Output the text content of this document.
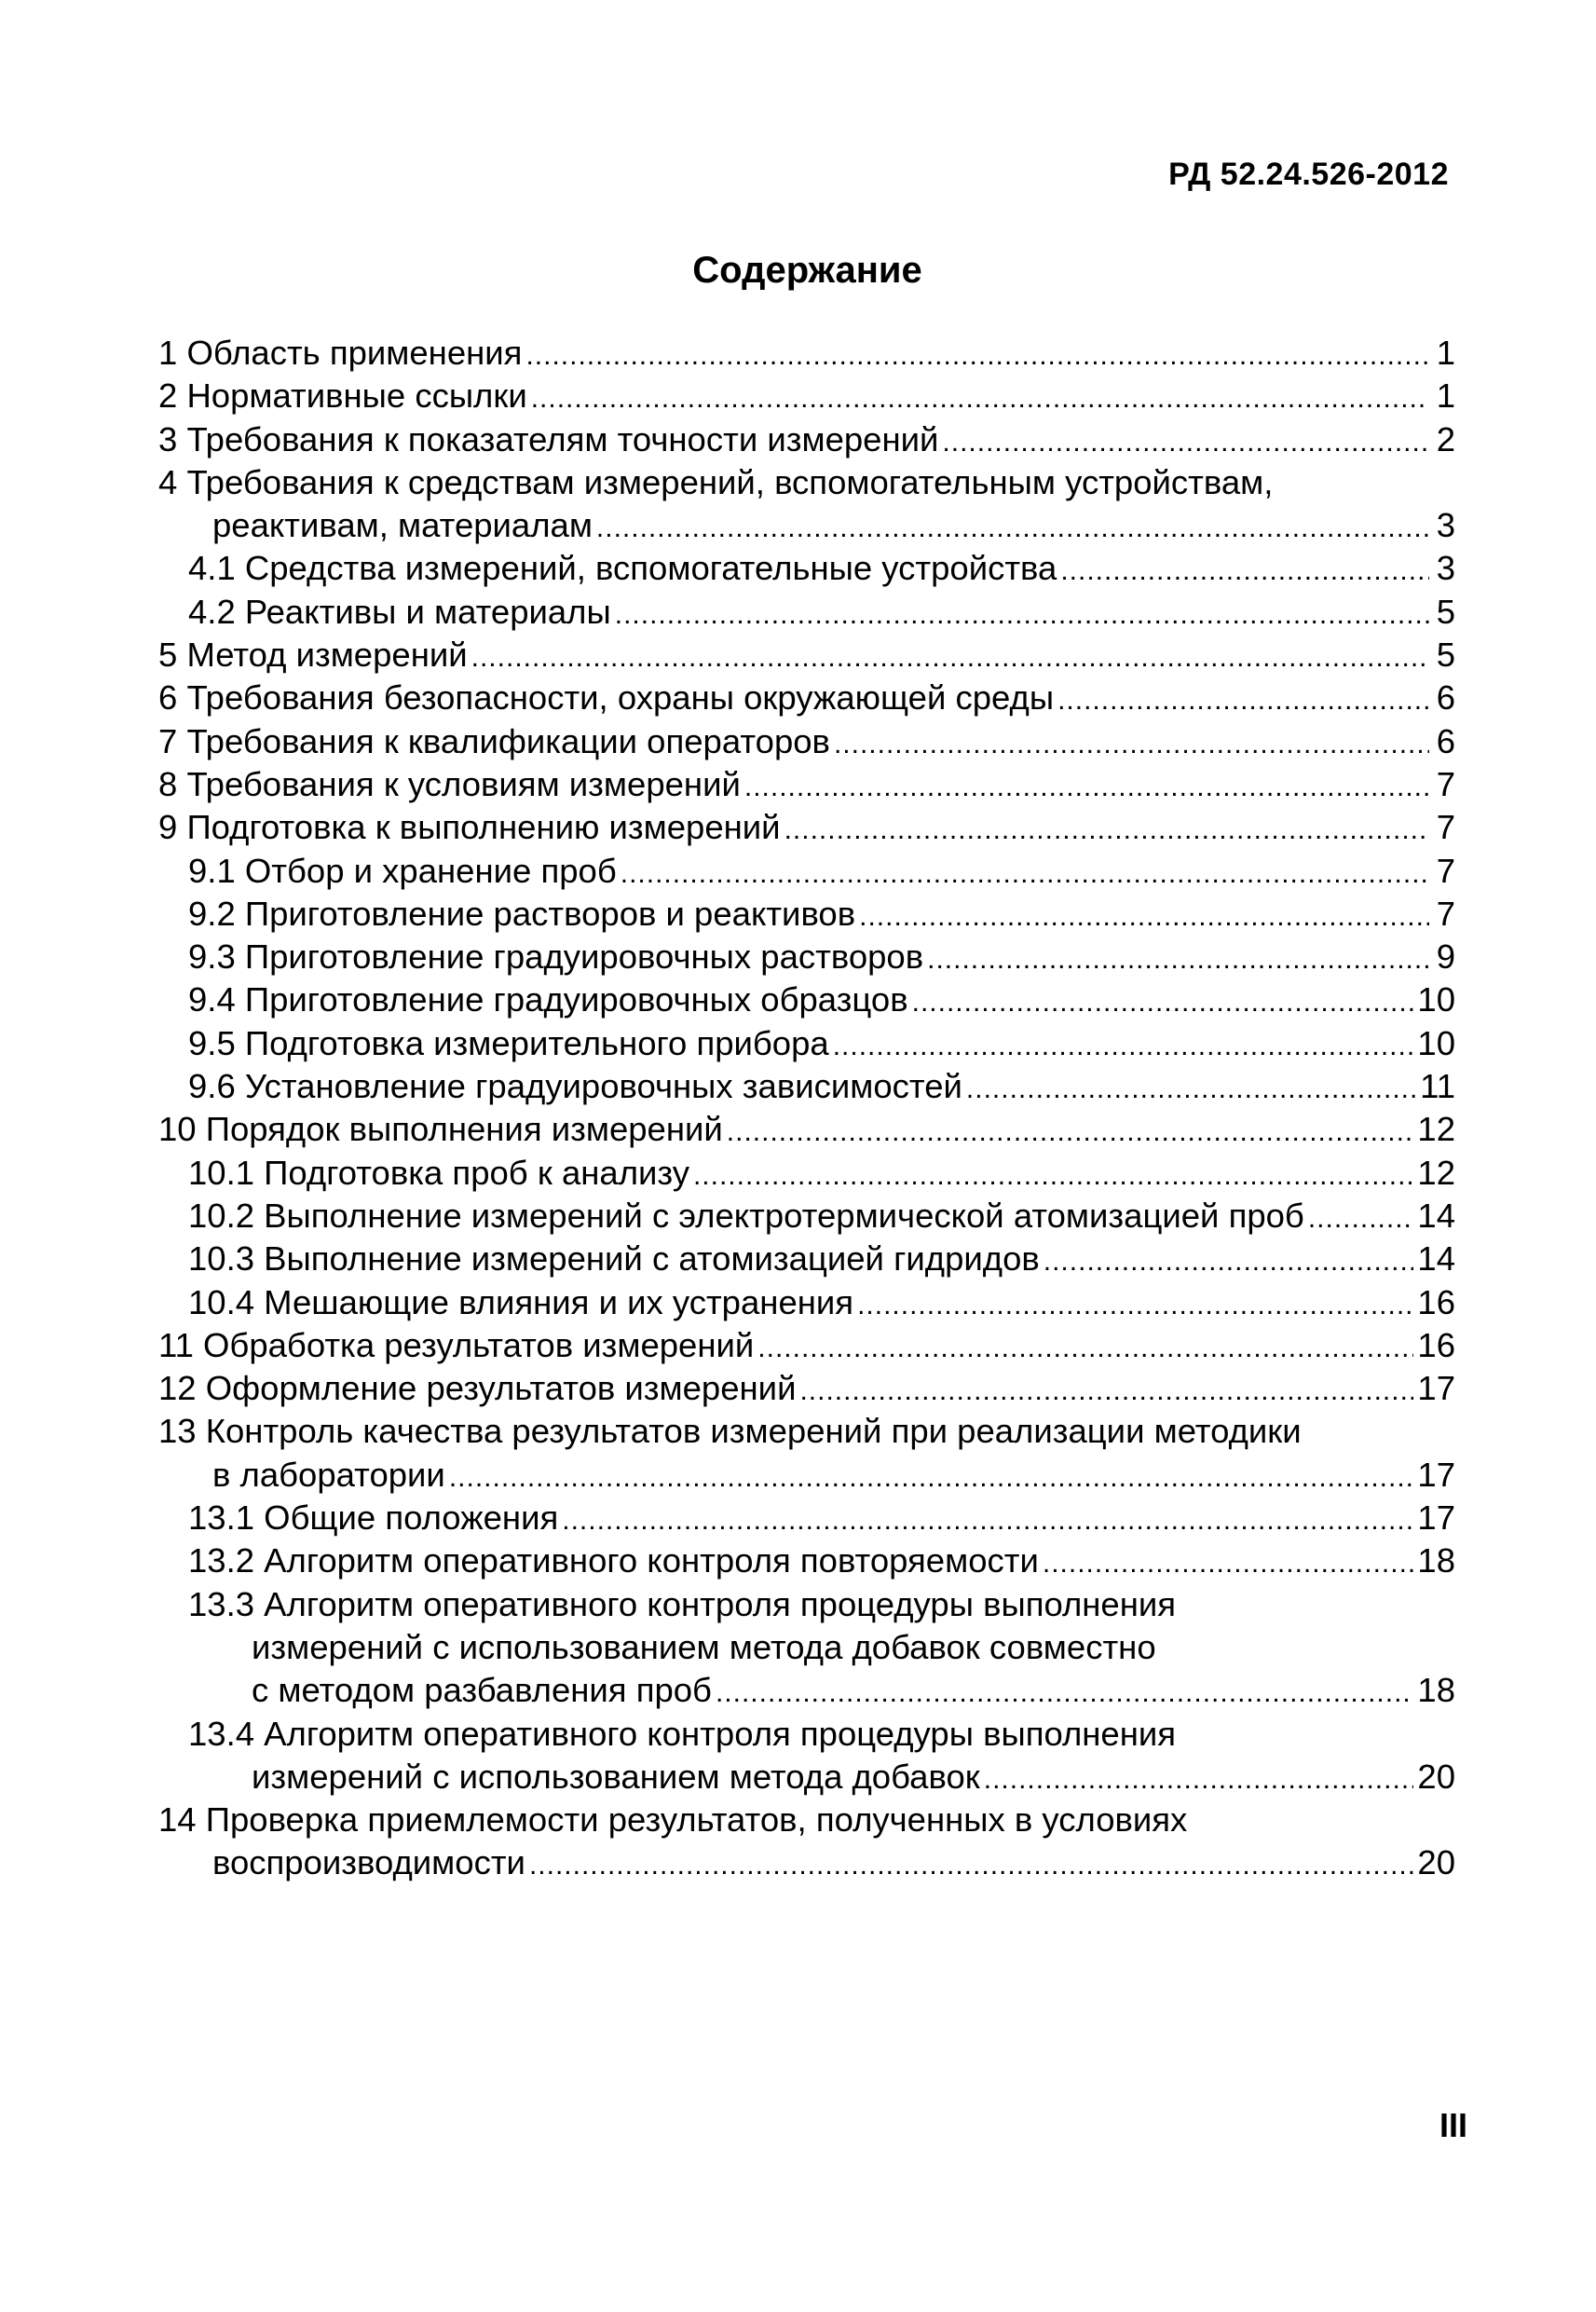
РД 52.24.526-2012
Содержание
1 Область применения .....	1
2 Нормативные ссылки .....	1
3 Требования к показателям точности измерений .....	2
4 Требования к средствам измерений, вспомогательным устройствам,
реактивам, материалам .....	3
4.1 Средства измерений, вспомогательные устройства .....	3
4.2 Реактивы и материалы .....	5
5 Метод измерений .....	5
6 Требования безопасности, охраны окружающей среды .....	6
7 Требования к квалификации операторов .....	6
8 Требования к условиям измерений .....	7
9 Подготовка к выполнению измерений .....	7
9.1 Отбор и хранение проб .....	7
9.2 Приготовление растворов и реактивов .....	7
9.3 Приготовление градуировочных растворов .....	9
9.4 Приготовление градуировочных образцов .....	10
9.5 Подготовка измерительного прибора .....	10
9.6 Установление градуировочных зависимостей .....	11
10 Порядок выполнения измерений .....	12
10.1 Подготовка проб к анализу .....	12
10.2 Выполнение измерений с электротермической атомизацией проб .....	14
10.3 Выполнение измерений с атомизацией гидридов .....	14
10.4 Мешающие влияния и их устранения .....	16
11 Обработка результатов измерений .....	16
12 Оформление результатов измерений .....	17
13 Контроль качества результатов измерений при реализации методики
в лаборатории .....	17
13.1 Общие положения .....	17
13.2 Алгоритм оперативного контроля повторяемости .....	18
13.3 Алгоритм оперативного контроля процедуры выполнения
измерений с использованием метода добавок совместно
с методом разбавления проб .....	18
13.4 Алгоритм оперативного контроля процедуры выполнения
измерений с использованием метода добавок .....	20
14 Проверка приемлемости результатов, полученных в условиях
воспроизводимости .....	20
III
